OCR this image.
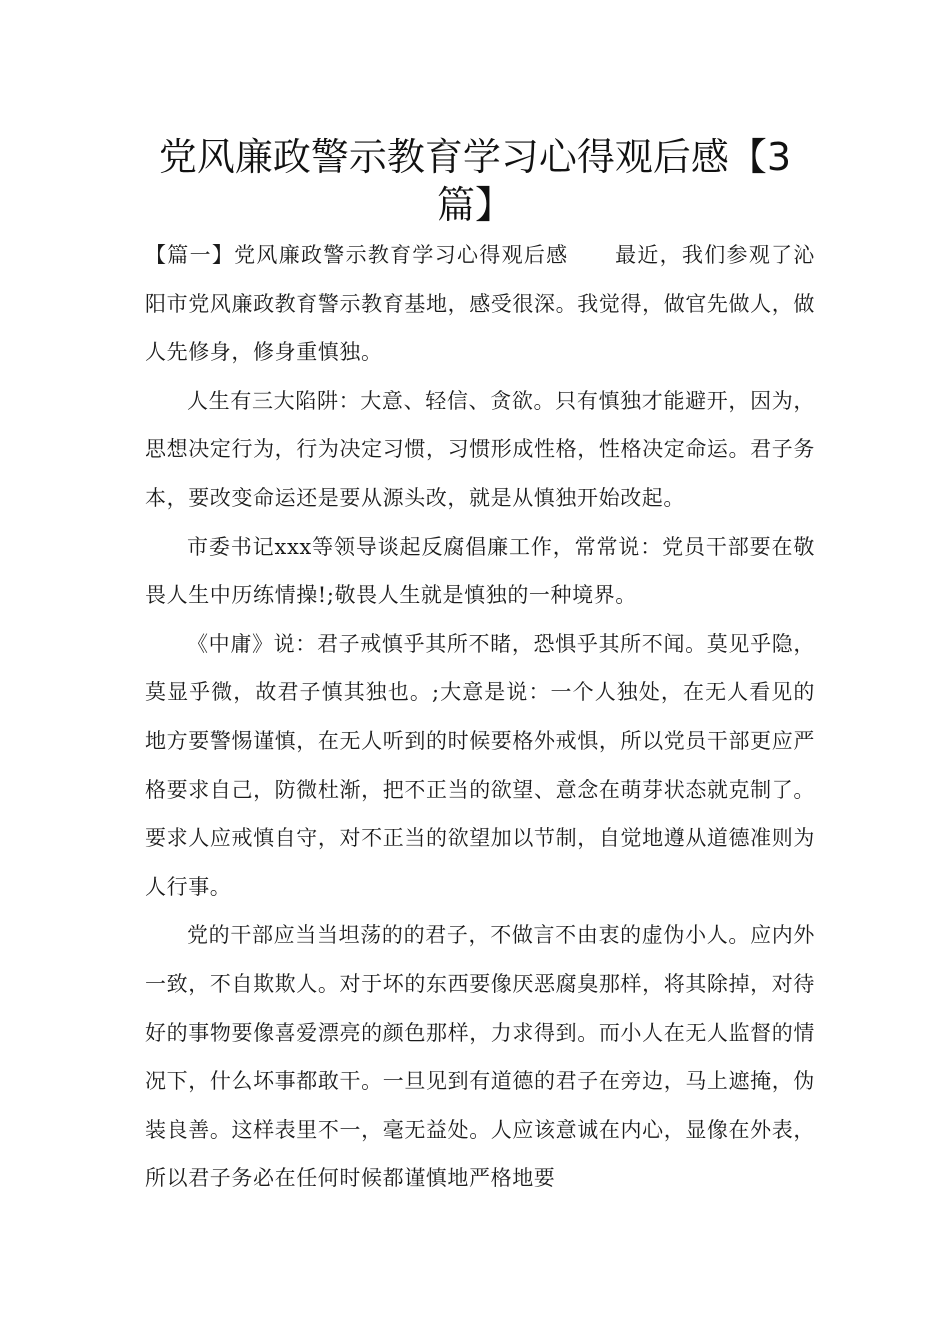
党风廉政警示教育学习心得观后感【3
篇】

【篇一】党风廉政警示教育学习心得观后感 最近，我们参观了沁阳市党风廉政教育警示教育基地，感受很深。我觉得，做官先做人，做人先修身，修身重慎独。

人生有三大陷阱：大意、轻信、贪欲。只有慎独才能避开，因为，思想决定行为，行为决定习惯，习惯形成性格，性格决定命运。君子务本，要改变命运还是要从源头改，就是从慎独开始改起。

市委书记xxx等领导谈起反腐倡廉工作，常常说：党员干部要在敬畏人生中历练情操!;敬畏人生就是慎独的一种境界。

《中庸》说：君子戒慎乎其所不睹，恐惧乎其所不闻。莫见乎隐，莫显乎微，故君子慎其独也。;大意是说：一个人独处，在无人看见的地方要警惕谨慎，在无人听到的时候要格外戒惧，所以党员干部更应严格要求自己，防微杜渐，把不正当的欲望、意念在萌芽状态就克制了。要求人应戒慎自守，对不正当的欲望加以节制，自觉地遵从道德准则为人行事。

党的干部应当当坦荡的的君子，不做言不由衷的虚伪小人。应内外一致，不自欺欺人。对于坏的东西要像厌恶腐臭那样，将其除掉，对待好的事物要像喜爱漂亮的颜色那样，力求得到。而小人在无人监督的情况下，什么坏事都敢干。一旦见到有道德的君子在旁边，马上遮掩，伪装良善。这样表里不一，毫无益处。人应该意诚在内心，显像在外表，所以君子务必在任何时候都谨慎地严格地要
